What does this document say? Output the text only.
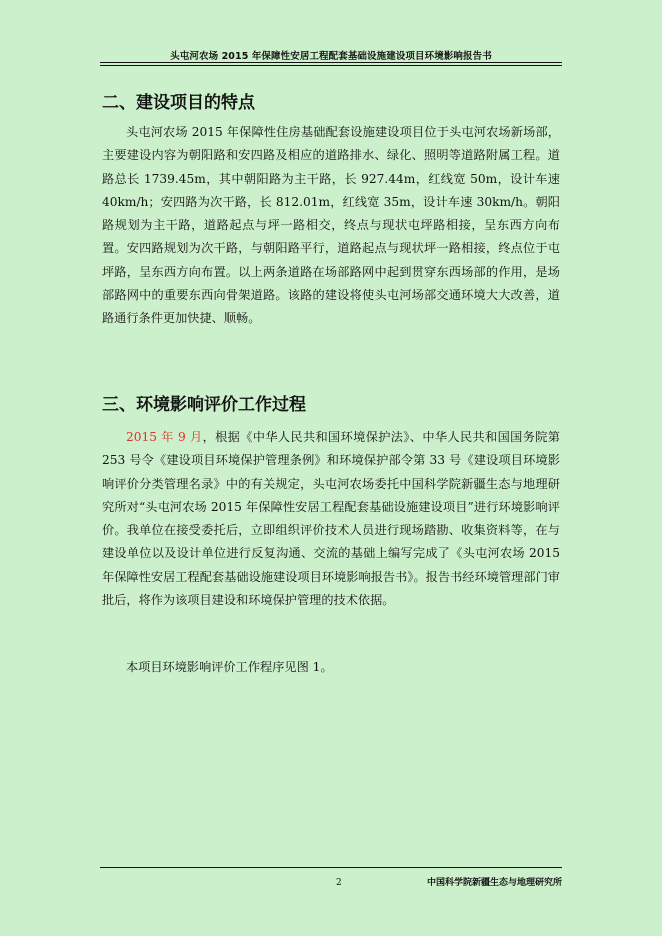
头屯河农场 2015 年保障性安居工程配套基础设施建设项目环境影响报告书
二、建设项目的特点

头屯河农场 2015 年保障性住房基础配套设施建设项目位于头屯河农场新场部，主要建设内容为朝阳路和安四路及相应的道路排水、绿化、照明等道路附属工程。道路总长 1739.45m，其中朝阳路为主干路，长 927.44m，红线宽 50m，设计车速 40km/h；安四路为次干路，长 812.01m，红线宽 35m，设计车速 30km/h。朝阳路规划为主干路，道路起点与坪一路相交，终点与现状屯坪路相接，呈东西方向布置。安四路规划为次干路，与朝阳路平行，道路起点与现状坪一路相接，终点位于屯坪路，呈东西方向布置。以上两条道路在场部路网中起到贯穿东西场部的作用，是场部路网中的重要东西向骨架道路。该路的建设将使头屯河场部交通环境大大改善，道路通行条件更加快捷、顺畅。

三、环境影响评价工作过程

2015 年 9 月，根据《中华人民共和国环境保护法》、中华人民共和国国务院第 253 号令《建设项目环境保护管理条例》和环境保护部令第 33 号《建设项目环境影响评价分类管理名录》中的有关规定，头屯河农场委托中国科学院新疆生态与地理研究所对“头屯河农场 2015 年保障性安居工程配套基础设施建设项目”进行环境影响评价。我单位在接受委托后，立即组织评价技术人员进行现场踏勘、收集资料等，在与建设单位以及设计单位进行反复沟通、交流的基础上编写完成了《头屯河农场 2015 年保障性安居工程配套基础设施建设项目环境影响报告书》。报告书经环境管理部门审批后，将作为该项目建设和环境保护管理的技术依据。

本项目环境影响评价工作程序见图 1。

2	中国科学院新疆生态与地理研究所
